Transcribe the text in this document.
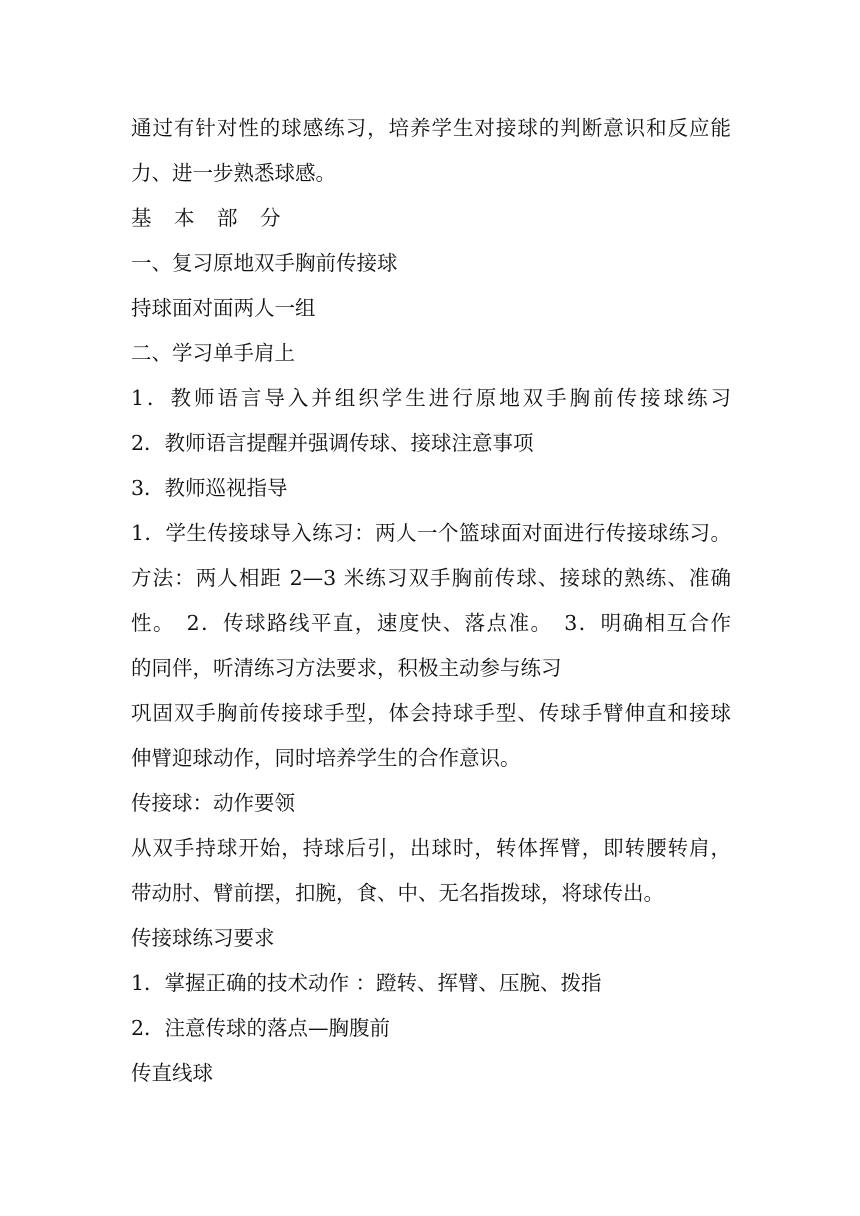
通过有针对性的球感练习，培养学生对接球的判断意识和反应能
力、进一步熟悉球感。
基 本 部 分
一、复习原地双手胸前传接球
持球面对面两人一组
二、学习单手肩上
1．教师语言导入并组织学生进行原地双手胸前传接球练习
2．教师语言提醒并强调传球、接球注意事项
3．教师巡视指导
1．学生传接球导入练习：两人一个篮球面对面进行传接球练习。
方法：两人相距 2—3 米练习双手胸前传球、接球的熟练、准确
性。　2．传球路线平直，速度快、落点准。　3．明确相互合作
的同伴，听清练习方法要求，积极主动参与练习
巩固双手胸前传接球手型，体会持球手型、传球手臂伸直和接球
伸臂迎球动作，同时培养学生的合作意识。
传接球：动作要领
从双手持球开始，持球后引，出球时，转体挥臂，即转腰转肩，
带动肘、臂前摆，扣腕，食、中、无名指拨球，将球传出。
传接球练习要求
1．掌握正确的技术动作 ：蹬转、挥臂、压腕、拨指
2．注意传球的落点—胸腹前
传直线球
